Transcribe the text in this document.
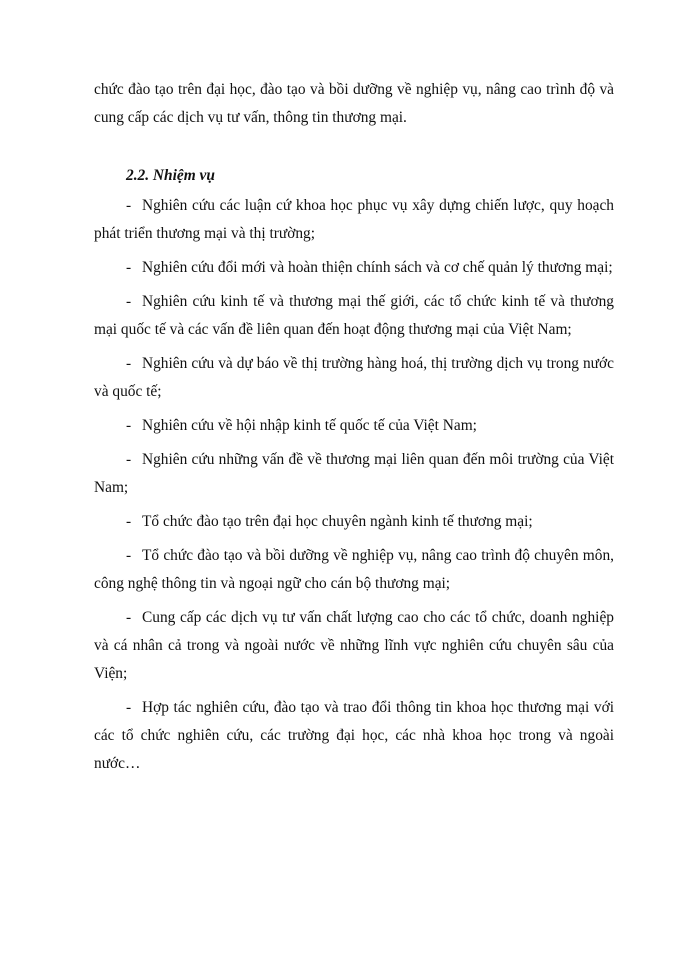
chức đào tạo trên đại học, đào tạo và bồi dưỡng về nghiệp vụ, nâng cao trình độ và cung cấp các dịch vụ tư vấn, thông tin thương mại.

2.2. Nhiệm vụ

- Nghiên cứu các luận cứ khoa học phục vụ xây dựng chiến lược, quy hoạch phát triển thương mại và thị trường;

- Nghiên cứu đổi mới và hoàn thiện chính sách và cơ chế quản lý thương mại;

- Nghiên cứu kinh tế và thương mại thế giới, các tổ chức kinh tế và thương mại quốc tế và các vấn đề liên quan đến hoạt động thương mại của Việt Nam;

- Nghiên cứu và dự báo về thị trường hàng hoá, thị trường dịch vụ trong nước và quốc tế;

- Nghiên cứu về hội nhập kinh tế quốc tế của Việt Nam;

- Nghiên cứu những vấn đề về thương mại liên quan đến môi trường của Việt Nam;

- Tổ chức đào tạo trên đại học chuyên ngành kinh tế thương mại;

- Tổ chức đào tạo và bồi dưỡng về nghiệp vụ, nâng cao trình độ chuyên môn, công nghệ thông tin và ngoại ngữ cho cán bộ thương mại;

- Cung cấp các dịch vụ tư vấn chất lượng cao cho các tổ chức, doanh nghiệp và cá nhân cả trong và ngoài nước về những lĩnh vực nghiên cứu chuyên sâu của Viện;

- Hợp tác nghiên cứu, đào tạo và trao đổi thông tin khoa học thương mại với các tổ chức nghiên cứu, các trường đại học, các nhà khoa học trong và ngoài nước…
